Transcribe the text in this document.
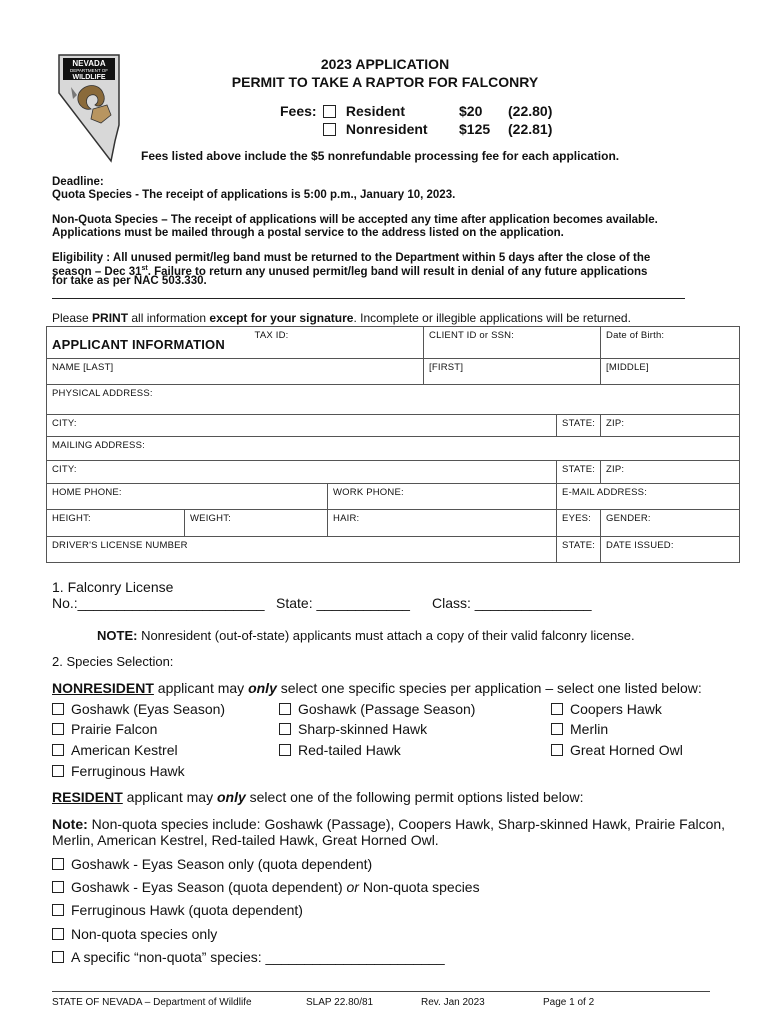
NEVADA
DEPARTMENT OF
WILDLIFE
2023 APPLICATION
PERMIT TO TAKE A RAPTOR FOR FALCONRY
Fees:	Resident	$20 (22.80)
Nonresident $125 (22.81)
Fees listed above include the $5 nonrefundable processing fee for each application.
Deadline:
Quota Species - The receipt of applications is 5:00 p.m., January 10, 2023.
Non-Quota Species – The receipt of applications will be accepted any time after application becomes available.
Applications must be mailed through a postal service to the address listed on the application.
Eligibility : All unused permit/leg band must be returned to the Department within 5 days after the close of the
season – Dec 31st. Failure to return any unused permit/leg band will result in denial of any future applications
for take as per NAC 503.330.
Please PRINT all information except for your signature. Incomplete or illegible applications will be returned.
APPLICANT INFORMATION		TAX ID:		CLIENT ID or SSN:		Date of Birth:
NAME [LAST]				[FIRST]		[MIDDLE]
PHYSICAL ADDRESS:						
CITY:					STATE:	ZIP:
MAILING ADDRESS:						
CITY:					STATE:	ZIP:
HOME PHONE:			WORK PHONE:		E-MAIL ADDRESS:	
HEIGHT:	WEIGHT:		HAIR:		EYES:	GENDER:
DRIVER'S LICENSE NUMBER					STATE:	DATE ISSUED:
1. Falconry License
No.:________________________ State: ____________ Class: _______________
NOTE: Nonresident (out-of-state) applicants must attach a copy of their valid falconry license.
2. Species Selection:
NONRESIDENT applicant may only select one specific species per application – select one listed below:
Goshawk (Eyas Season)	Goshawk (Passage Season)	Coopers Hawk
Prairie Falcon	Sharp-skinned Hawk	Merlin
American Kestrel	Red-tailed Hawk	Great Horned Owl
Ferruginous Hawk
RESIDENT applicant may only select one of the following permit options listed below:
Note: Non-quota species include: Goshawk (Passage), Coopers Hawk, Sharp-skinned Hawk, Prairie Falcon,
Merlin, American Kestrel, Red-tailed Hawk, Great Horned Owl.
Goshawk - Eyas Season only (quota dependent)
Goshawk - Eyas Season (quota dependent) or Non-quota species
Ferruginous Hawk (quota dependent)
Non-quota species only
A specific “non-quota” species: _______________________
STATE OF NEVADA – Department of Wildlife	SLAP 22.80/81	Rev. Jan 2023	Page 1 of 2
